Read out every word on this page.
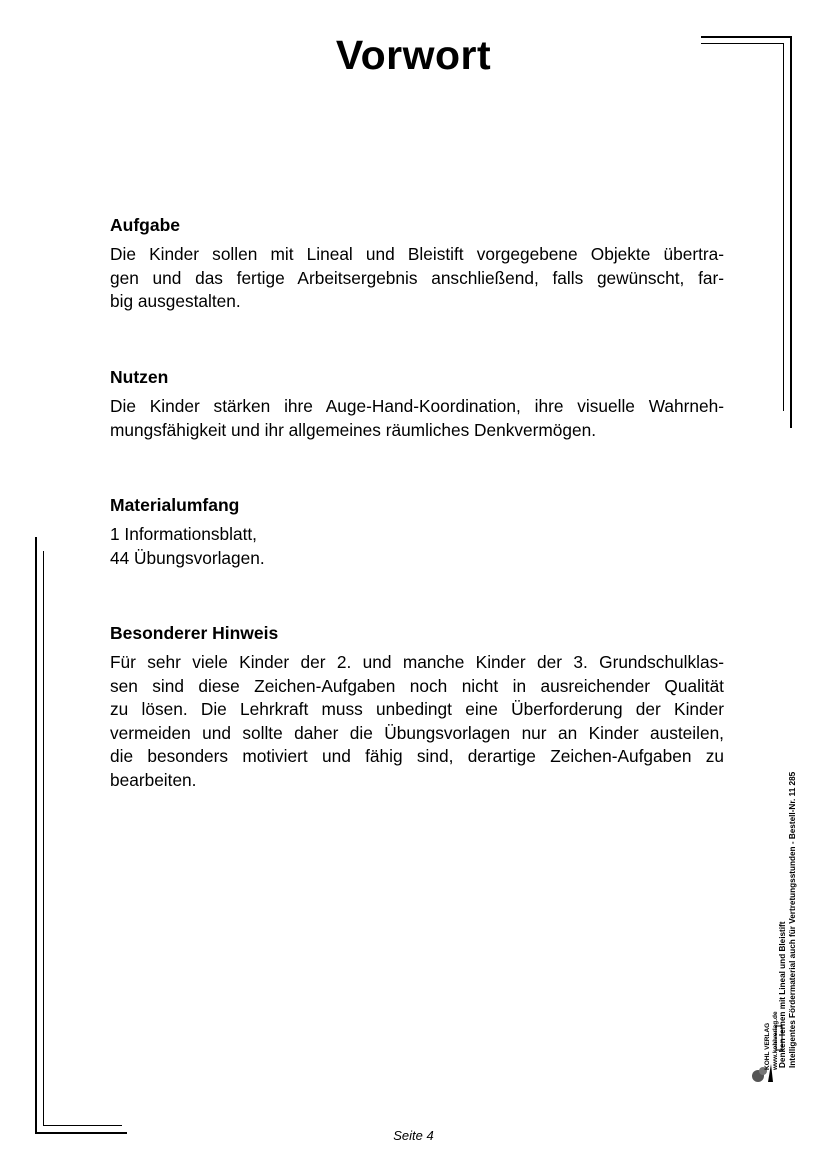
Vorwort
Aufgabe
Die Kinder sollen mit Lineal und Bleistift vorgegebene Objekte übertra-
gen und das fertige Arbeitsergebnis anschließend, falls gewünscht, far-
big ausgestalten.
Nutzen
Die Kinder stärken ihre Auge-Hand-Koordination, ihre visuelle Wahrneh-
mungsfähigkeit und ihr allgemeines räumliches Denkvermögen.
Materialumfang
1 Informationsblatt,
44 Übungsvorlagen.
Besonderer Hinweis
Für sehr viele Kinder der 2. und manche Kinder der 3. Grundschulklas-
sen sind diese Zeichen-Aufgaben noch nicht in ausreichender Qualität
zu lösen. Die Lehrkraft muss unbedingt eine Überforderung der Kinder
vermeiden und sollte daher die Übungsvorlagen nur an Kinder austeilen,
die besonders motiviert und fähig sind, derartige Zeichen-Aufgaben zu
bearbeiten.
Denken lernen mit Lineal und Bleistift Intelligentes Fördermaterial auch für Vertretungsstunden - Bestell-Nr. 11 285
KOHL VERLAG
www.kohlverlag.de
Seite 4
